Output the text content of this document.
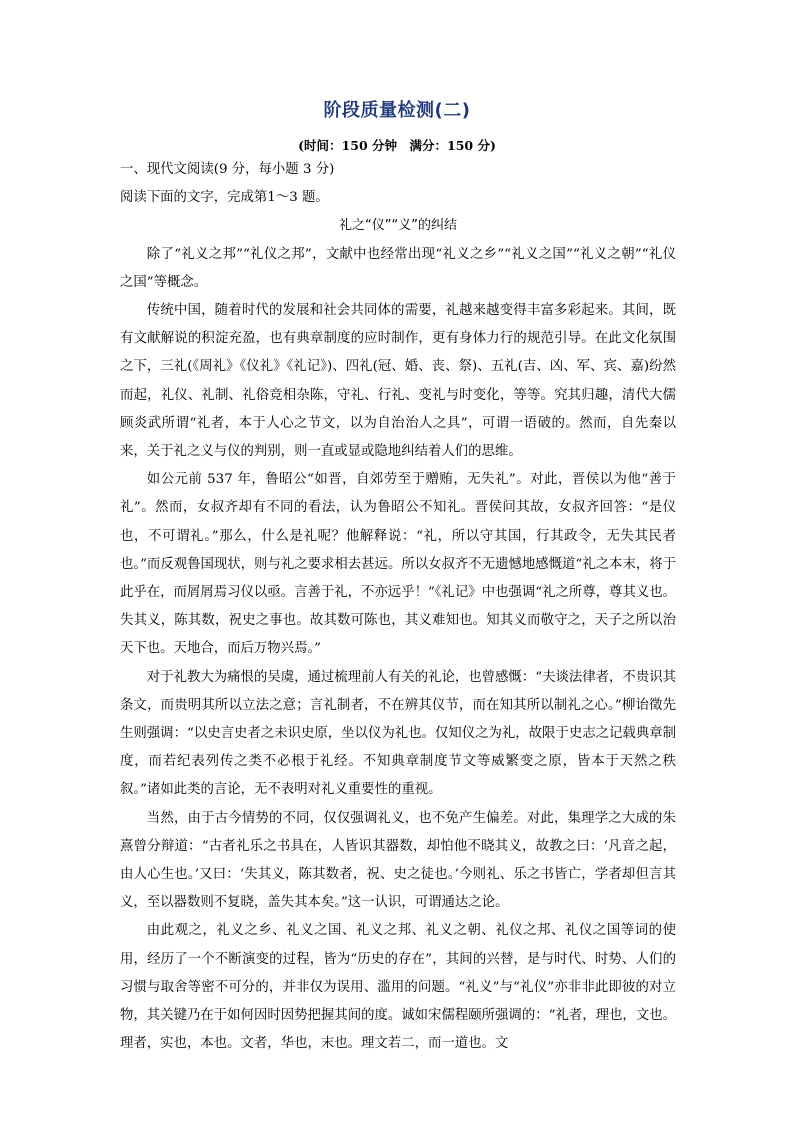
阶段质量检测(二)
(时间：150 分钟　满分：150 分)

一、现代文阅读(9 分，每小题 3 分)

阅读下面的文字，完成第1～3 题。

礼之“仪”“义”的纠结

除了“礼义之邦”“礼仪之邦”，文献中也经常出现“礼义之乡”“礼义之国”“礼义之朝”“礼仪之国”等概念。

传统中国，随着时代的发展和社会共同体的需要，礼越来越变得丰富多彩起来。其间，既有文献解说的积淀充盈，也有典章制度的应时制作，更有身体力行的规范引导。在此文化氛围之下，三礼(《周礼》《仪礼》《礼记》)、四礼(冠、婚、丧、祭)、五礼(吉、凶、军、宾、嘉)纷然而起，礼仪、礼制、礼俗竞相杂陈，守礼、行礼、变礼与时变化，等等。究其归趣，清代大儒顾炎武所谓“礼者，本于人心之节文，以为自治治人之具”，可谓一语破的。然而，自先秦以来，关于礼之义与仪的判别，则一直或显或隐地纠结着人们的思维。

如公元前 537 年，鲁昭公“如晋，自郊劳至于赠贿，无失礼”。对此，晋侯以为他“善于礼”。然而，女叔齐却有不同的看法，认为鲁昭公不知礼。晋侯问其故，女叔齐回答：“是仪也，不可谓礼。”那么，什么是礼呢？他解释说：“礼，所以守其国，行其政令，无失其民者也。”而反观鲁国现状，则与礼之要求相去甚远。所以女叔齐不无遗憾地感慨道“礼之本末，将于此乎在，而屑屑焉习仪以亟。言善于礼，不亦远乎！”《礼记》中也强调“礼之所尊，尊其义也。失其义，陈其数，祝史之事也。故其数可陈也，其义难知也。知其义而敬守之，天子之所以治天下也。天地合，而后万物兴焉。”

对于礼教大为痛恨的吴虞，通过梳理前人有关的礼论，也曾感慨：“夫谈法律者，不贵识其条文，而贵明其所以立法之意；言礼制者，不在辨其仪节，而在知其所以制礼之心。”柳诒徵先生则强调：“以史言史者之未识史原，坐以仪为礼也。仅知仪之为礼，故限于史志之记载典章制度，而若纪表列传之类不必根于礼经。不知典章制度节文等威繁变之原，皆本于天然之秩叙。”诸如此类的言论，无不表明对礼义重要性的重视。

当然，由于古今情势的不同，仅仅强调礼义，也不免产生偏差。对此，集理学之大成的朱熹曾分辩道：“古者礼乐之书具在，人皆识其器数，却怕他不晓其义，故教之曰：‘凡音之起，由人心生也。’又曰：‘失其义，陈其数者，祝、史之徒也。’今则礼、乐之书皆亡，学者却但言其义，至以器数则不复晓，盖失其本矣。”这一认识，可谓通达之论。

由此观之，礼义之乡、礼义之国、礼义之邦、礼义之朝、礼仪之邦、礼仪之国等词的使用，经历了一个不断演变的过程，皆为“历史的存在”，其间的兴替，是与时代、时势、人们的习惯与取舍等密不可分的，并非仅为误用、滥用的问题。“礼义”与“礼仪”亦非非此即彼的对立物，其关键乃在于如何因时因势把握其间的度。诚如宋儒程颐所强调的：“礼者，理也，文也。理者，实也，本也。文者，华也，末也。理文若二，而一道也。文
